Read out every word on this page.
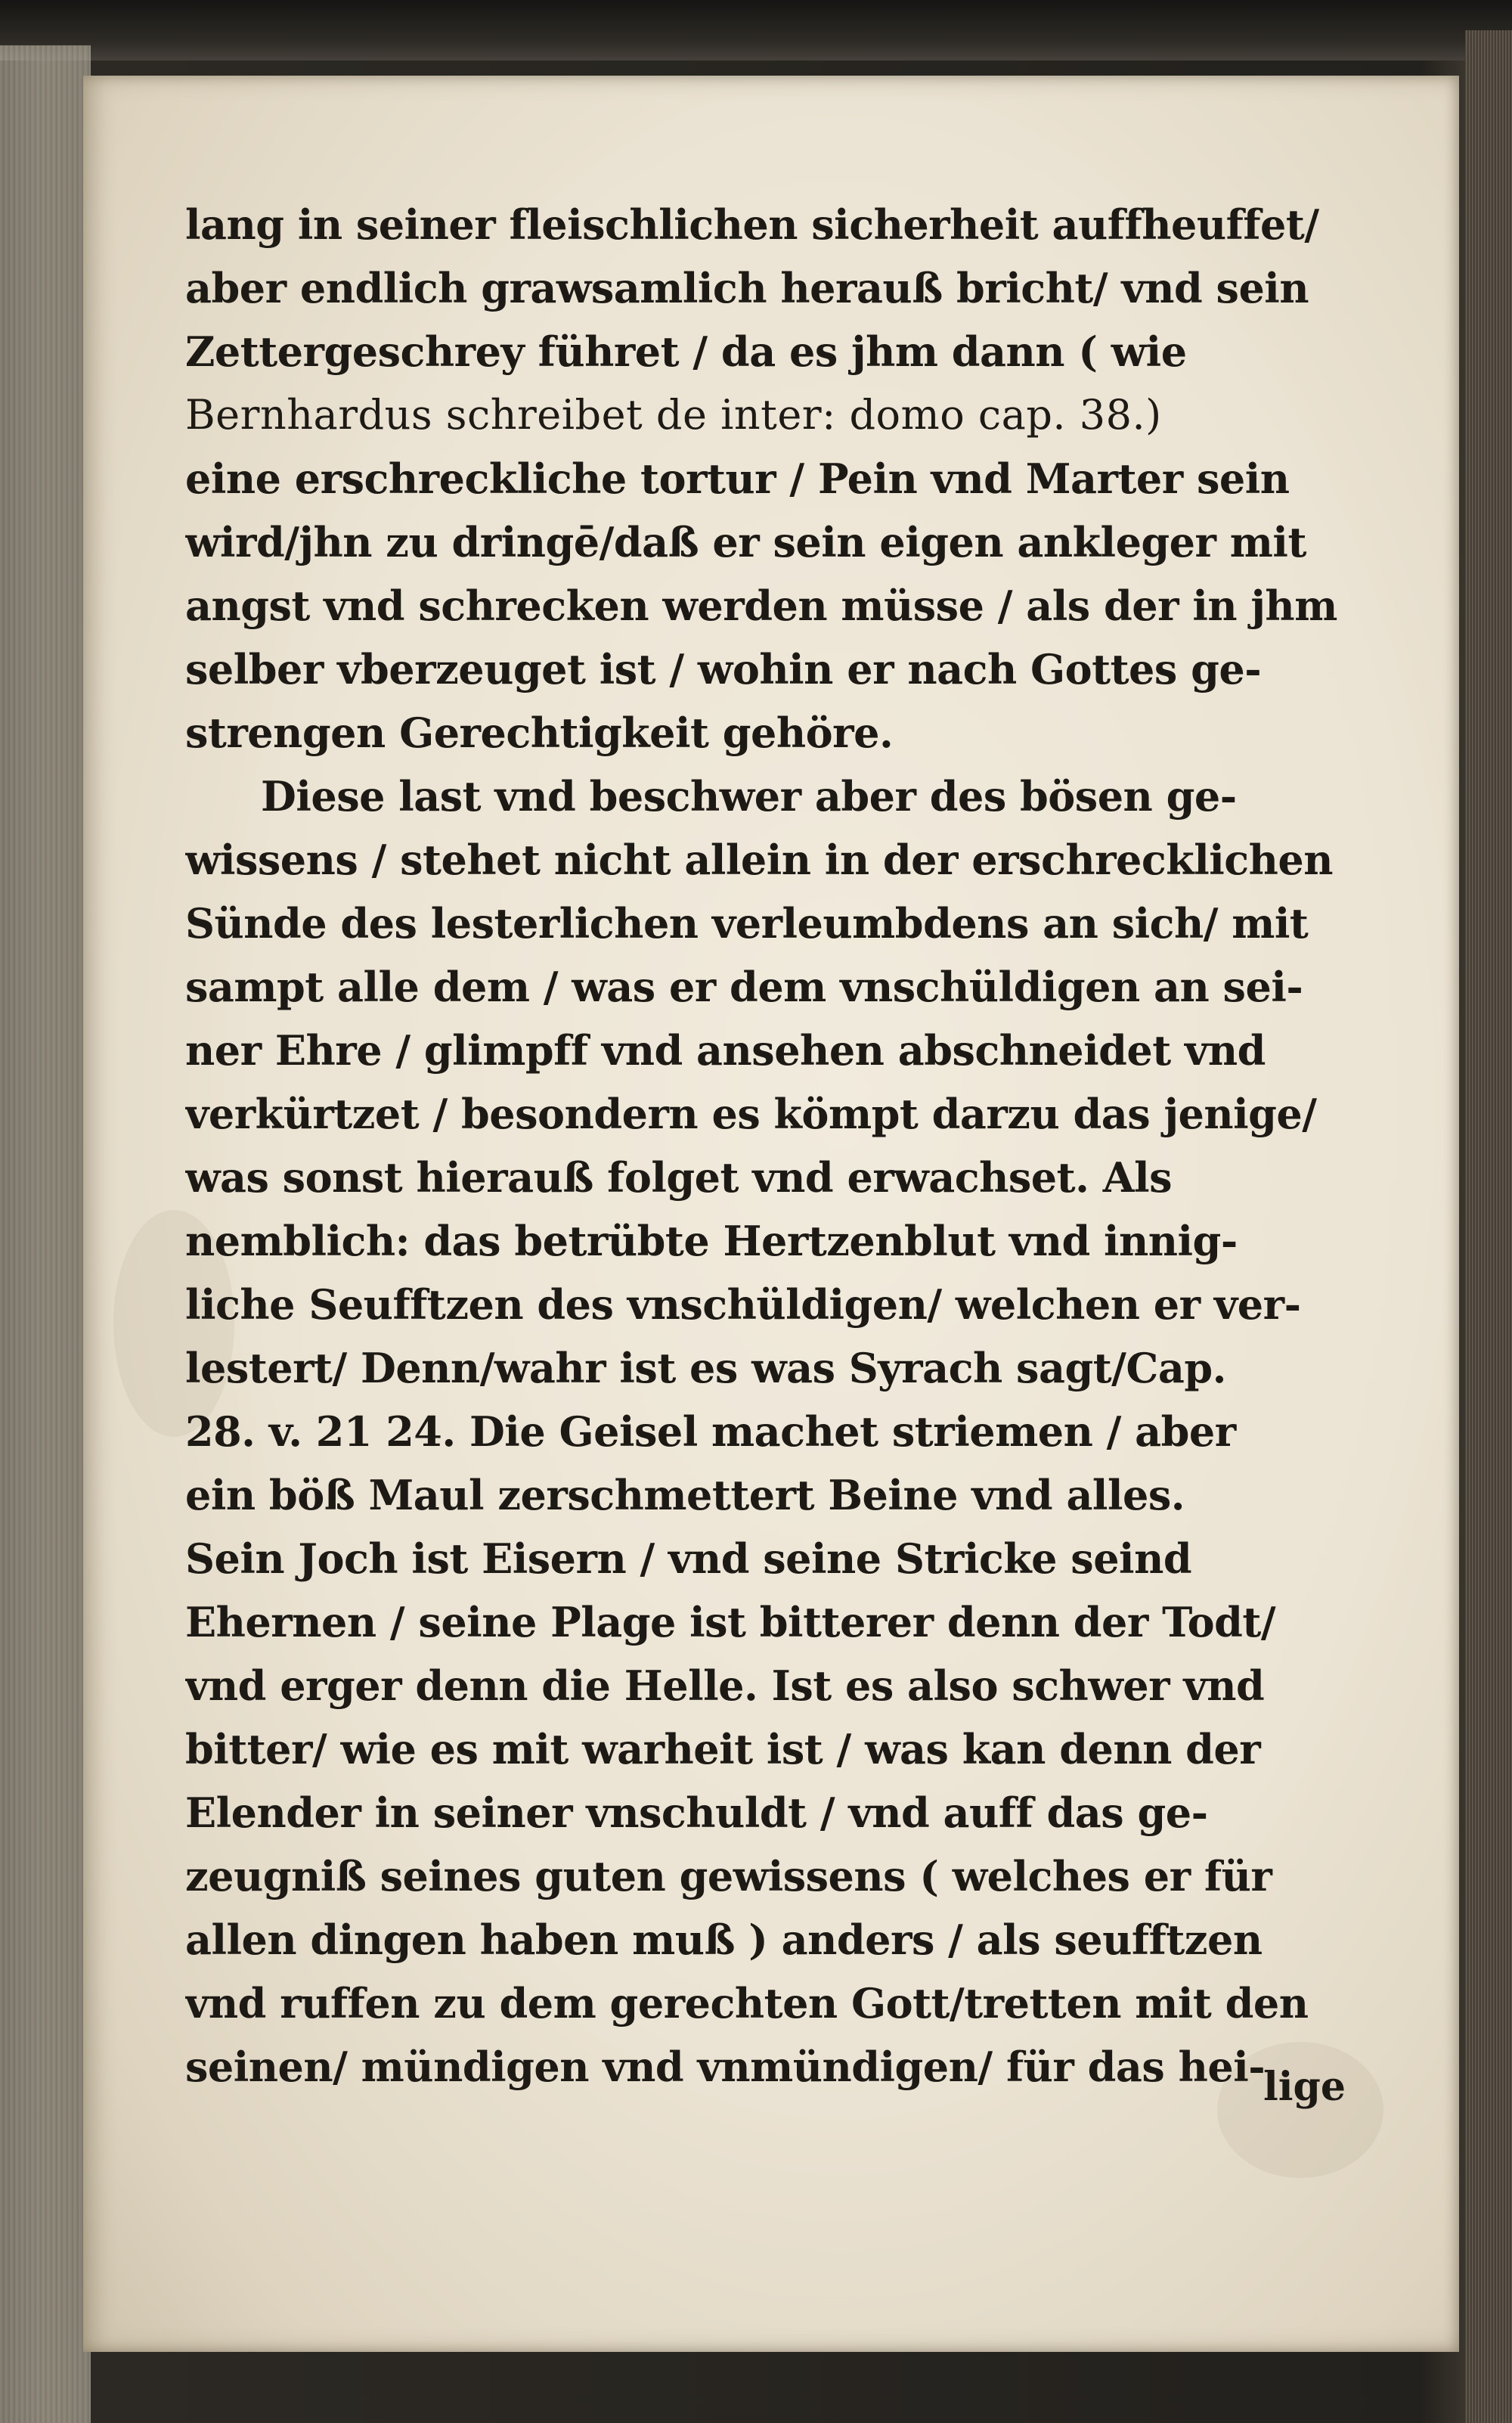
lang in seiner fleischlichen sicherheit auffheuffet/
aber endlich grawsamlich herauß bricht/ vnd sein
Zettergeschrey führet / da es jhm dann ( wie
Bernhardus schreibet de inter: domo cap. 38.)
eine erschreckliche tortur / Pein vnd Marter sein
wird/jhn zu dringē/daß er sein eigen ankleger mit
angst vnd schrecken werden müsse / als der in jhm
selber vberzeuget ist / wohin er nach Gottes ge-
strengen Gerechtigkeit gehöre.
Diese last vnd beschwer aber des bösen ge-
wissens / stehet nicht allein in der erschrecklichen
Sünde des lesterlichen verleumbdens an sich/ mit
sampt alle dem / was er dem vnschüldigen an sei-
ner Ehre / glimpff vnd ansehen abschneidet vnd
verkürtzet / besondern es kömpt darzu das jenige/
was sonst hierauß folget vnd erwachset. Als
nemblich: das betrübte Hertzenblut vnd innig-
liche Seufftzen des vnschüldigen/ welchen er ver-
lestert/ Denn/wahr ist es was Syrach sagt/Cap.
28. v. 21 24. Die Geisel machet striemen / aber
ein böß Maul zerschmettert Beine vnd alles.
Sein Joch ist Eisern / vnd seine Stricke seind
Ehernen / seine Plage ist bitterer denn der Todt/
vnd erger denn die Helle. Ist es also schwer vnd
bitter/ wie es mit warheit ist / was kan denn der
Elender in seiner vnschuldt / vnd auff das ge-
zeugniß seines guten gewissens ( welches er für
allen dingen haben muß ) anders / als seufftzen
vnd ruffen zu dem gerechten Gott/tretten mit den
seinen/ mündigen vnd vnmündigen/ für das hei-
lige
